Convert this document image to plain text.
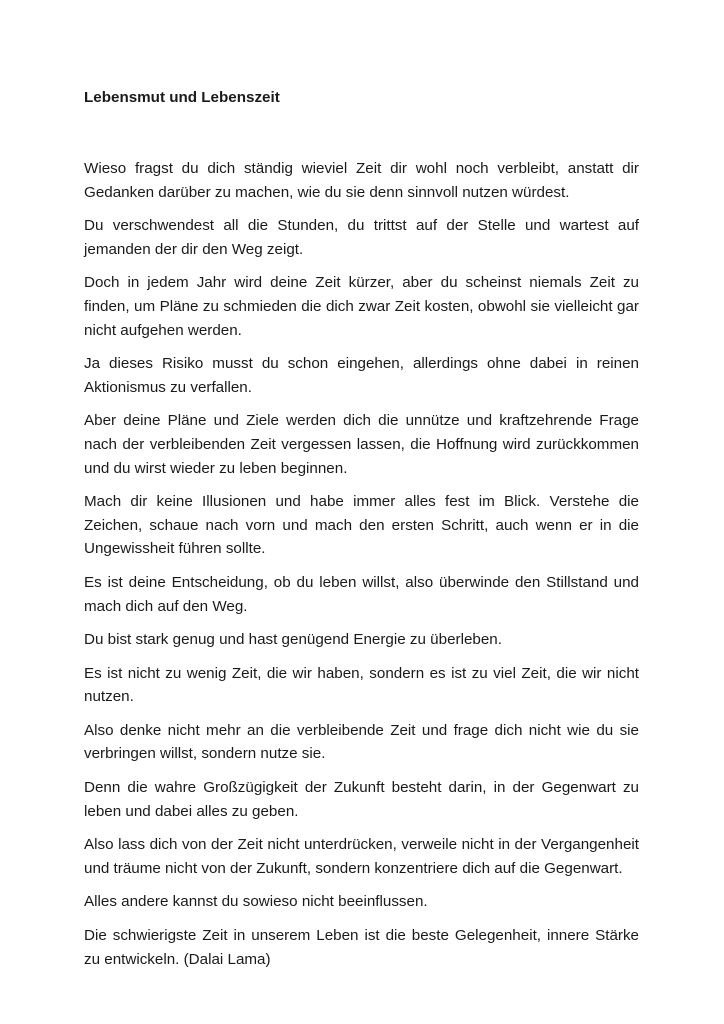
Lebensmut und Lebenszeit

Wieso fragst du dich ständig wieviel Zeit dir wohl noch verbleibt, anstatt dir Gedanken darüber zu machen, wie du sie denn sinnvoll nutzen würdest.

Du verschwendest all die Stunden, du trittst auf der Stelle und wartest auf jemanden der dir den Weg zeigt.

Doch in jedem Jahr wird deine Zeit kürzer, aber du scheinst niemals Zeit zu finden, um Pläne zu schmieden die dich zwar Zeit kosten, obwohl sie vielleicht gar nicht aufgehen werden.

Ja dieses Risiko musst du schon eingehen, allerdings ohne dabei in reinen Aktionismus zu verfallen.

Aber deine Pläne und Ziele werden dich die unnütze und kraftzehrende Frage nach der verbleibenden Zeit vergessen lassen, die Hoffnung wird zurückkommen und du wirst wieder zu leben beginnen.

Mach dir keine Illusionen und habe immer alles fest im Blick. Verstehe die Zeichen, schaue nach vorn und mach den ersten Schritt, auch wenn er in die Ungewissheit führen sollte.

Es ist deine Entscheidung, ob du leben willst, also überwinde den Stillstand und mach dich auf den Weg.

Du bist stark genug und hast genügend Energie zu überleben.

Es ist nicht zu wenig Zeit, die wir haben, sondern es ist zu viel Zeit, die wir nicht nutzen.

Also denke nicht mehr an die verbleibende Zeit und frage dich nicht wie du sie verbringen willst, sondern nutze sie.

Denn die wahre Großzügigkeit der Zukunft besteht darin, in der Gegenwart zu leben und dabei alles zu geben.

Also lass dich von der Zeit nicht unterdrücken, verweile nicht in der Vergangenheit und träume nicht von der Zukunft, sondern konzentriere dich auf die Gegenwart.

Alles andere kannst du sowieso nicht beeinflussen.

Die schwierigste Zeit in unserem Leben ist die beste Gelegenheit, innere Stärke zu entwickeln. (Dalai Lama)
